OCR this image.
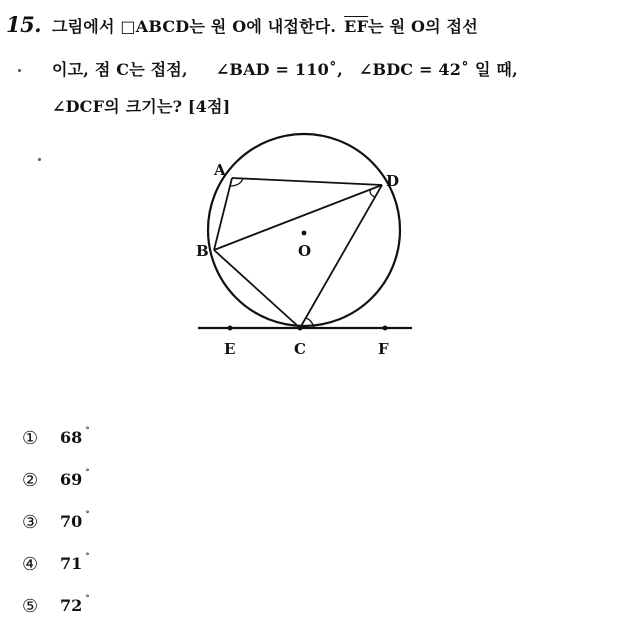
15. 그림에서 □ABCD는 원 O에 내접한다. $\overline{EF}$는 원 O의 접선
이고, 점 C는 접점, ∠BAD = 110˚, ∠BDC = 42˚ 일 때,
∠DCF의 크기는? [4점]
A
D
B	O
E	C	F
①	68 ˚
②	69 ˚
③	70 ˚
④	71 ˚
⑤	72 ˚
